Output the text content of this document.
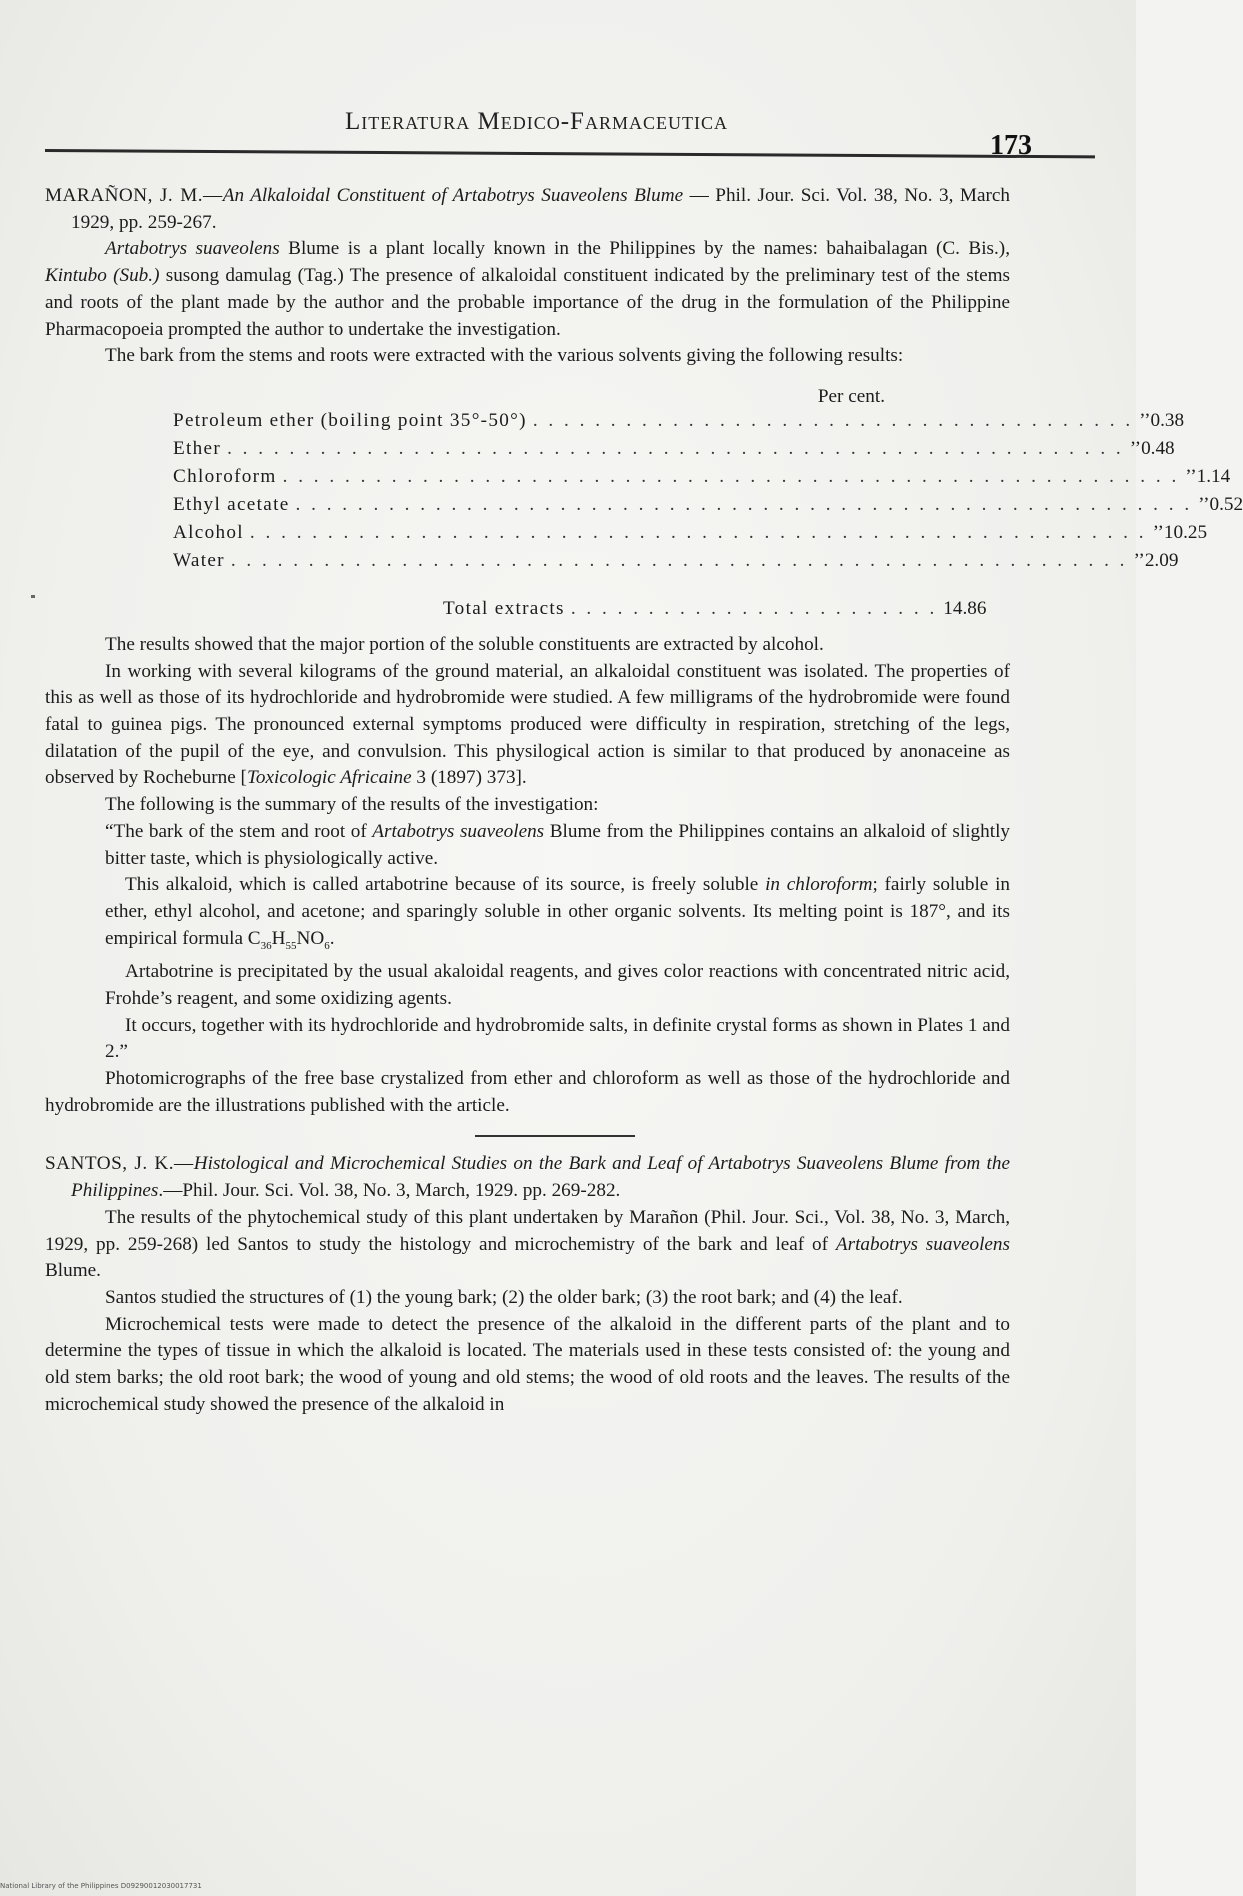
Literatura Medico-Farmaceutica
173

MARAÑON, J. M.—An Alkaloidal Constituent of Artabotrys Suaveolens Blume — Phil. Jour. Sci. Vol. 38, No. 3, March 1929, pp. 259-267.

Artabotrys suaveolens Blume is a plant locally known in the Philippines by the names: bahaibalagan (C. Bis.), Kintubo (Sub.) susong damulag (Tag.) The presence of alkaloidal constituent indicated by the preliminary test of the stems and roots of the plant made by the author and the probable importance of the drug in the formulation of the Philippine Pharmacopoeia prompted the author to undertake the investigation.

The bark from the stems and roots were extracted with the various solvents giving the following results:

Per cent.
Petroleum ether (boiling point 35°-50°) . . . . . . . . . . . . . . . . . . . . . . . . . . . . . . . . . . . . . . . ’’ 0.38
Ether . . . . . . . . . . . . . . . . . . . . . . . . . . . . . . . . . . . . . . . . . . . . . . . . . . . . . . . . . . ’’ 0.48
Chloroform . . . . . . . . . . . . . . . . . . . . . . . . . . . . . . . . . . . . . . . . . . . . . . . . . . . . . . . . . . ’’ 1.14
Ethyl acetate . . . . . . . . . . . . . . . . . . . . . . . . . . . . . . . . . . . . . . . . . . . . . . . . . . . . . . . . . . ’’ 0.52
Alcohol . . . . . . . . . . . . . . . . . . . . . . . . . . . . . . . . . . . . . . . . . . . . . . . . . . . . . . . . . . ’’ 10.25
Water . . . . . . . . . . . . . . . . . . . . . . . . . . . . . . . . . . . . . . . . . . . . . . . . . . . . . . . . . . ’’ 2.09
Total extracts . . . . . . . . . . . . . . . . . . . . . . . . 14.86

The results showed that the major portion of the soluble constituents are extracted by alcohol.

In working with several kilograms of the ground material, an alkaloidal constituent was isolated. The properties of this as well as those of its hydrochloride and hydrobromide were studied. A few milligrams of the hydrobromide were found fatal to guinea pigs. The pronounced external symptoms produced were difficulty in respiration, stretching of the legs, dilatation of the pupil of the eye, and convulsion. This physilogical action is similar to that produced by anonaceine as observed by Rocheburne [Toxicologic Africaine 3 (1897) 373].

The following is the summary of the results of the investigation:

“The bark of the stem and root of Artabotrys suaveolens Blume from the Philippines contains an alkaloid of slightly bitter taste, which is physiologically active.

This alkaloid, which is called artabotrine because of its source, is freely soluble in chloroform; fairly soluble in ether, ethyl alcohol, and acetone; and sparingly soluble in other organic solvents. Its melting point is 187°, and its empirical formula $C_{36}H_{55}NO_6$.

Artabotrine is precipitated by the usual akaloidal reagents, and gives color reactions with concentrated nitric acid, Frohde’s reagent, and some oxidizing agents.

It occurs, together with its hydrochloride and hydrobromide salts, in definite crystal forms as shown in Plates 1 and 2.”

Photomicrographs of the free base crystalized from ether and chloroform as well as those of the hydrochloride and hydrobromide are the illustrations published with the article.

SANTOS, J. K.—Histological and Microchemical Studies on the Bark and Leaf of Artabotrys Suaveolens Blume from the Philippines.—Phil. Jour. Sci. Vol. 38, No. 3, March, 1929. pp. 269-282.

The results of the phytochemical study of this plant undertaken by Marañon (Phil. Jour. Sci., Vol. 38, No. 3, March, 1929, pp. 259-268) led Santos to study the histology and microchemistry of the bark and leaf of Artabotrys suaveolens Blume.

Santos studied the structures of (1) the young bark; (2) the older bark; (3) the root bark; and (4) the leaf.

Microchemical tests were made to detect the presence of the alkaloid in the different parts of the plant and to determine the types of tissue in which the alkaloid is located. The materials used in these tests consisted of: the young and old stem barks; the old root bark; the wood of young and old stems; the wood of old roots and the leaves. The results of the microchemical study showed the presence of the alkaloid in

National Library of the Philippines D09290012030017731
